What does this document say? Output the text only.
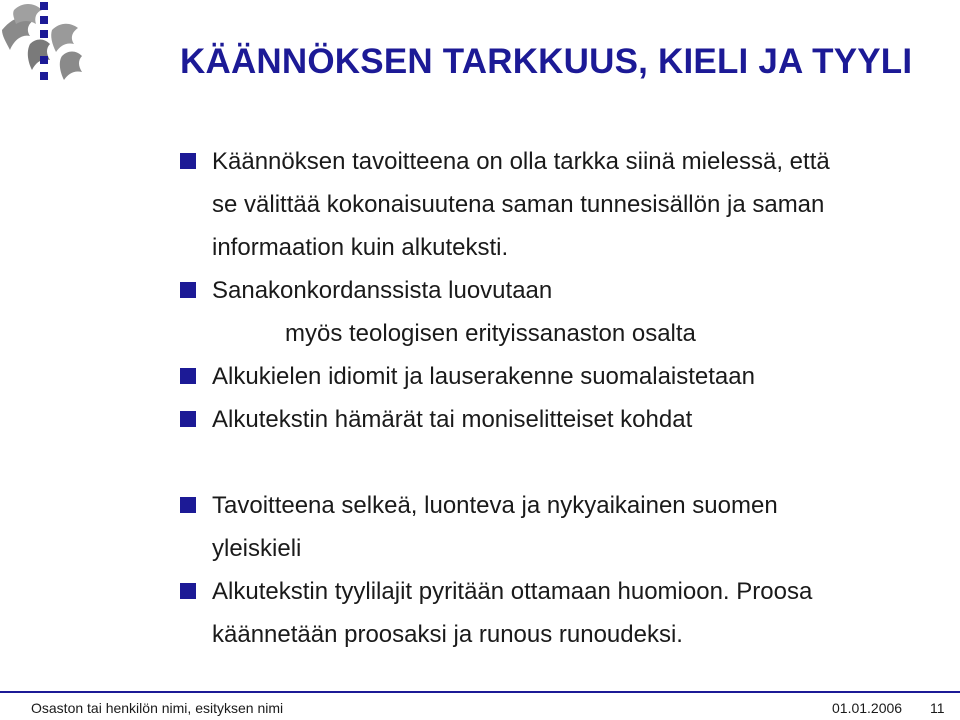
KÄÄNNÖKSEN TARKKUUS, KIELI JA TYYLI
Käännöksen tavoitteena on olla tarkka siinä mielessä, että
se välittää kokonaisuutena saman tunnesisällön ja saman
informaation kuin alkuteksti.
Sanakonkordanssista luovutaan
myös teologisen erityissanaston osalta
Alkukielen idiomit ja lauserakenne suomalaistetaan
Alkutekstin hämärät tai moniselitteiset kohdat
Tavoitteena selkeä, luonteva ja nykyaikainen suomen
yleiskieli
Alkutekstin tyylilajit pyritään ottamaan huomioon. Proosa
käännetään proosaksi ja runous runoudeksi.
Osaston tai henkilön nimi, esityksen nimi	01.01.2006 11
